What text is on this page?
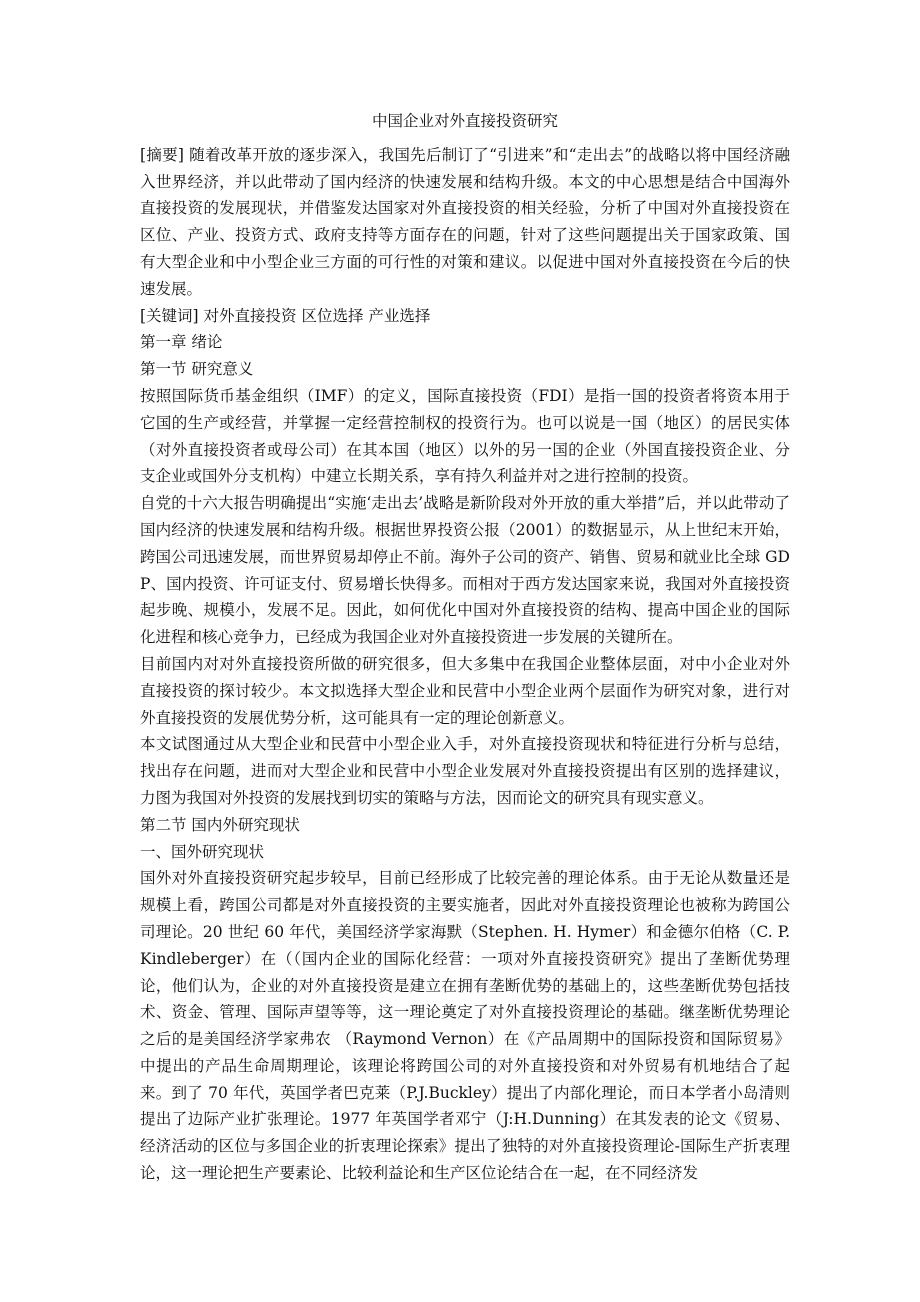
中国企业对外直接投资研究

[摘要] 随着改革开放的逐步深入，我国先后制订了“引进来”和“走出去”的战略以将中国经济融入世界经济，并以此带动了国内经济的快速发展和结构升级。本文的中心思想是结合中国海外直接投资的发展现状，并借鉴发达国家对外直接投资的相关经验，分析了中国对外直接投资在区位、产业、投资方式、政府支持等方面存在的问题，针对了这些问题提出关于国家政策、国有大型企业和中小型企业三方面的可行性的对策和建议。以促进中国对外直接投资在今后的快速发展。

[关键词] 对外直接投资 区位选择 产业选择

第一章 绪论

第一节 研究意义

按照国际货币基金组织（IMF）的定义，国际直接投资（FDI）是指一国的投资者将资本用于它国的生产或经营，并掌握一定经营控制权的投资行为。也可以说是一国（地区）的居民实体（对外直接投资者或母公司）在其本国（地区）以外的另一国的企业（外国直接投资企业、分支企业或国外分支机构）中建立长期关系，享有持久利益并对之进行控制的投资。

自党的十六大报告明确提出“实施‘走出去’战略是新阶段对外开放的重大举措”后，并以此带动了国内经济的快速发展和结构升级。根据世界投资公报（2001）的数据显示，从上世纪末开始，跨国公司迅速发展，而世界贸易却停止不前。海外子公司的资产、销售、贸易和就业比全球 GDP、国内投资、许可证支付、贸易增长快得多。而相对于西方发达国家来说，我国对外直接投资起步晚、规模小，发展不足。因此，如何优化中国对外直接投资的结构、提高中国企业的国际化进程和核心竞争力，已经成为我国企业对外直接投资进一步发展的关键所在。

目前国内对对外直接投资所做的研究很多，但大多集中在我国企业整体层面，对中小企业对外直接投资的探讨较少。本文拟选择大型企业和民营中小型企业两个层面作为研究对象，进行对外直接投资的发展优势分析，这可能具有一定的理论创新意义。

本文试图通过从大型企业和民营中小型企业入手，对外直接投资现状和特征进行分析与总结，找出存在问题，进而对大型企业和民营中小型企业发展对外直接投资提出有区别的选择建议，力图为我国对外投资的发展找到切实的策略与方法，因而论文的研究具有现实意义。

第二节 国内外研究现状

一、国外研究现状

国外对外直接投资研究起步较早，目前已经形成了比较完善的理论体系。由于无论从数量还是规模上看，跨国公司都是对外直接投资的主要实施者，因此对外直接投资理论也被称为跨国公司理论。20 世纪 60 年代，美国经济学家海默（Stephen. H. Hymer）和金德尔伯格（C. P. Kindleberger）在（（国内企业的国际化经营：一项对外直接投资研究》提出了垄断优势理论，他们认为，企业的对外直接投资是建立在拥有垄断优势的基础上的，这些垄断优势包括技术、资金、管理、国际声望等等，这一理论奠定了对外直接投资理论的基础。继垄断优势理论之后的是美国经济学家弗农 （Raymond Vernon）在《产品周期中的国际投资和国际贸易》中提出的产品生命周期理论，该理论将跨国公司的对外直接投资和对外贸易有机地结合了起来。到了 70 年代，英国学者巴克莱（P.J.Buckley）提出了内部化理论，而日本学者小岛清则提出了边际产业扩张理论。1977 年英国学者邓宁（J:H.Dunning）在其发表的论文《贸易、经济活动的区位与多国企业的折衷理论探索》提出了独特的对外直接投资理论-国际生产折衷理论，这一理论把生产要素论、比较利益论和生产区位论结合在一起，在不同经济发
